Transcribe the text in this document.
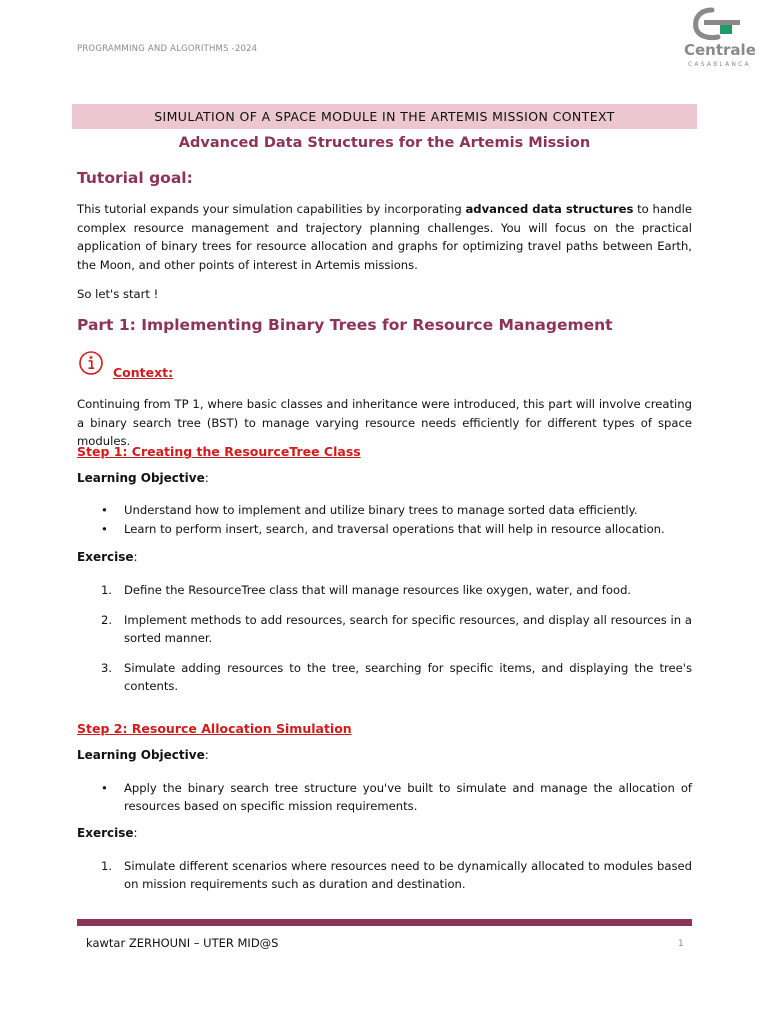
PROGRAMMING AND ALGORITHMS -2024	Centrale
CASABLANCA
SIMULATION OF A SPACE MODULE IN THE ARTEMIS MISSION CONTEXT
Advanced Data Structures for the Artemis Mission
Tutorial goal:
This tutorial expands your simulation capabilities by incorporating advanced data structures to handle complex resource management and trajectory planning challenges. You will focus on the practical application of binary trees for resource allocation and graphs for optimizing travel paths between Earth, the Moon, and other points of interest in Artemis missions.
So let's start !
Part 1: Implementing Binary Trees for Resource Management
Context:
Continuing from TP 1, where basic classes and inheritance were introduced, this part will involve creating a binary search tree (BST) to manage varying resource needs efficiently for different types of space modules.
Step 1: Creating the ResourceTree Class
Learning Objective:
• Understand how to implement and utilize binary trees to manage sorted data efficiently.
• Learn to perform insert, search, and traversal operations that will help in resource allocation.
Exercise:
1. Define the ResourceTree class that will manage resources like oxygen, water, and food.
2. Implement methods to add resources, search for specific resources, and display all resources in a sorted manner.
3. Simulate adding resources to the tree, searching for specific items, and displaying the tree's contents.
Step 2: Resource Allocation Simulation
Learning Objective:
• Apply the binary search tree structure you've built to simulate and manage the allocation of resources based on specific mission requirements.
Exercise:
1. Simulate different scenarios where resources need to be dynamically allocated to modules based on mission requirements such as duration and destination.
kawtar ZERHOUNI – UTER MID@S	1
